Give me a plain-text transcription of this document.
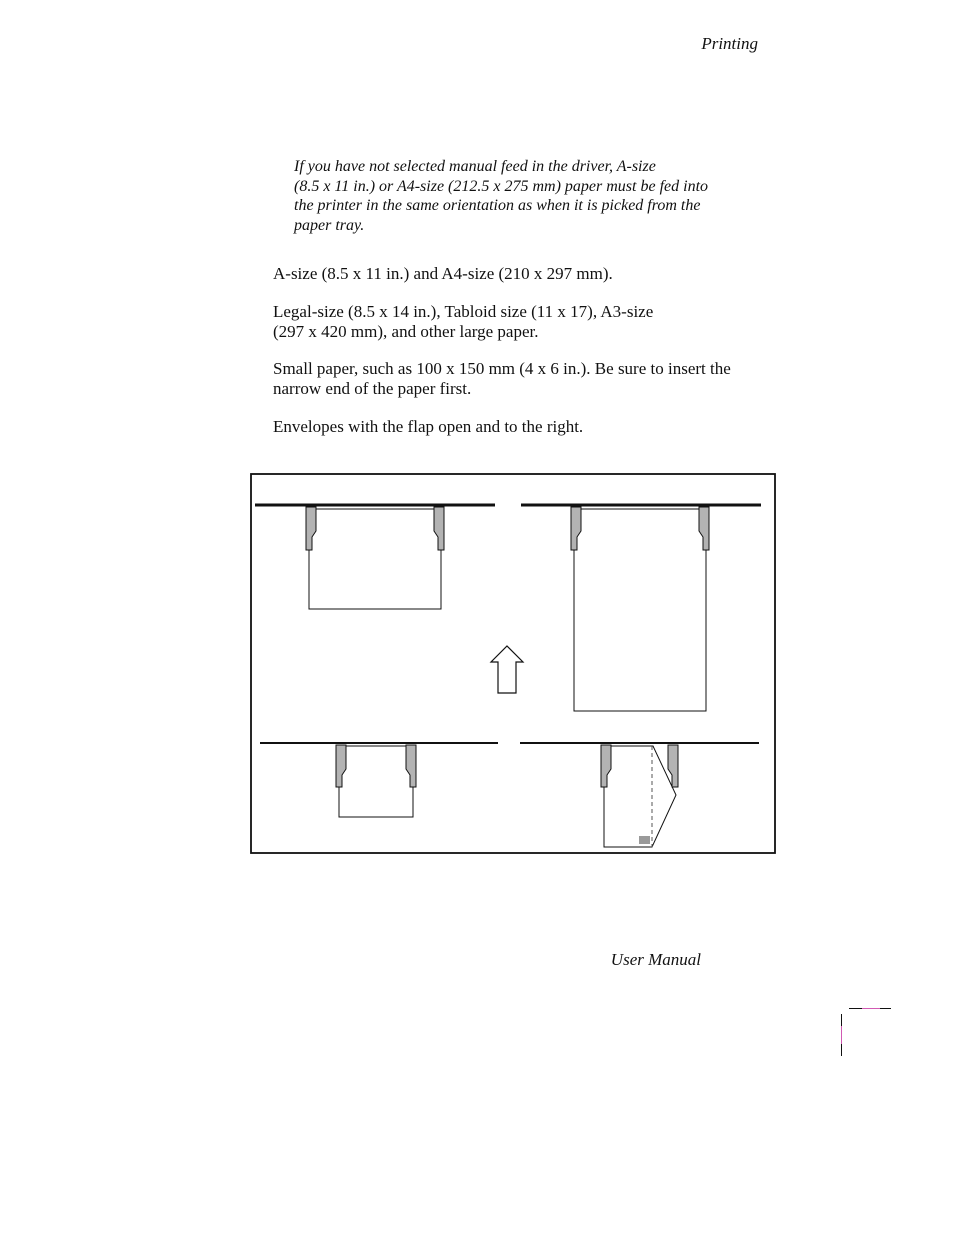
Printing
If you have not selected manual feed in the driver, A-size
(8.5 x 11 in.) or A4-size (212.5 x 275 mm) paper must be fed into
the printer in the same orientation as when it is picked from the
paper tray.
A-size (8.5 x 11 in.) and A4-size (210 x 297 mm).
Legal-size (8.5 x 14 in.), Tabloid size (11 x 17), A3-size
(297 x 420 mm), and other large paper.
Small paper, such as 100 x 150 mm (4 x 6 in.). Be sure to insert the
narrow end of the paper first.
Envelopes with the flap open and to the right.
User Manual
